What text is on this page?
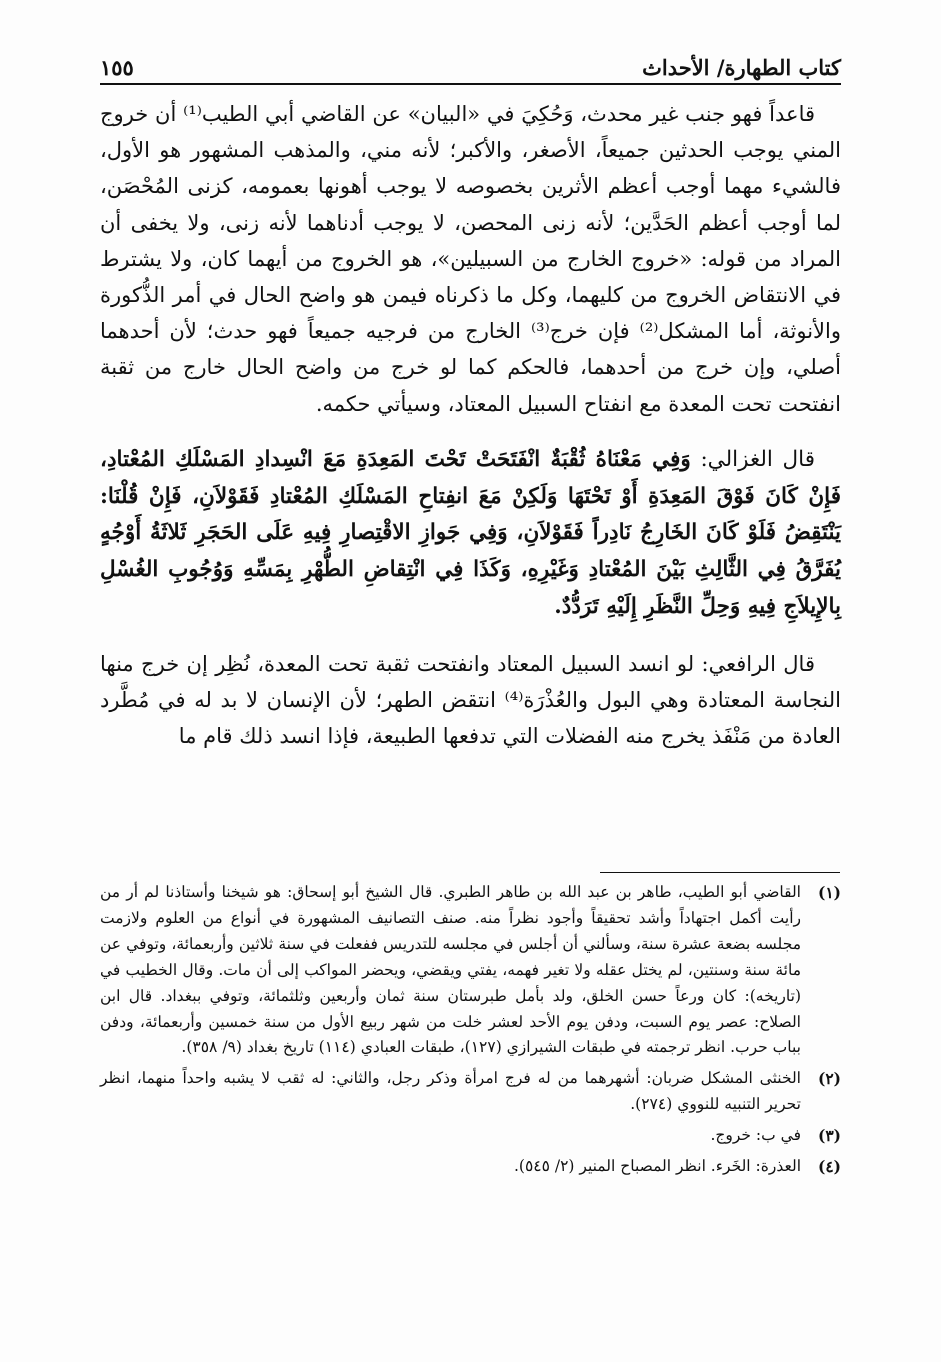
كتاب الطهارة/ الأحداث
١٥٥

قاعداً فهو جنب غير محدث، وَحُكِيَ في «البيان» عن القاضي أبي الطيب⁽¹⁾ أن خروج المني يوجب الحدثين جميعاً، الأصغر، والأكبر؛ لأنه مني، والمذهب المشهور هو الأول، فالشيء مهما أوجب أعظم الأثرين بخصوصه لا يوجب أهونها بعمومه، كزنى المُحْصَن، لما أوجب أعظم الحَدَّين؛ لأنه زنى المحصن، لا يوجب أدناهما لأنه زنى، ولا يخفى أن المراد من قوله: «خروج الخارج من السبيلين»، هو الخروج من أيهما كان، ولا يشترط في الانتقاض الخروج من كليهما، وكل ما ذكرناه فيمن هو واضح الحال في أمر الذُّكورة والأنوثة، أما المشكل⁽²⁾ فإن خرج⁽³⁾ الخارج من فرجيه جميعاً فهو حدث؛ لأن أحدهما أصلي، وإن خرج من أحدهما، فالحكم كما لو خرج من واضح الحال خارج من ثقبة انفتحت تحت المعدة مع انفتاح السبيل المعتاد، وسيأتي حكمه.

قال الغزالي: وَفِي مَعْنَاهُ ثُقْبَةٌ انْفَتَحَتْ تَحْتَ المَعِدَةِ مَعَ انْسِدادِ المَسْلَكِ المُعْتادِ، فَإِنْ كَانَ فَوْقَ المَعِدَةِ أَوْ تَحْتَهَا وَلَكِنْ مَعَ انفِتاحِ المَسْلَكِ المُعْتادِ فَقَوْلاَنِ، فَإِنْ قُلْنَا: يَنْتَقِضُ فَلَوْ كَانَ الخَارِجُ نَادِراً فَقَوْلاَنِ، وَفِي جَوازِ الاقْتِصارِ فِيهِ عَلَى الحَجَرِ ثَلاثَةُ أَوْجُهٍ يُفَرَّقُ فِي الثَّالِثِ بَيْنَ المُعْتادِ وَغَيْرِهِ، وَكَذَا فِي انْتِقاضِ الطُّهْرِ بِمَسِّهِ وَوُجُوبِ الغُسْلِ بِالإِيلاَجِ فِيهِ وَحِلِّ النَّظَرِ إِلَيْهِ تَرَدُّدٌ.

قال الرافعي: لو انسد السبيل المعتاد وانفتحت ثقبة تحت المعدة، نُظِر إن خرج منها النجاسة المعتادة وهي البول والعُذْرَة⁽⁴⁾ انتقض الطهر؛ لأن الإنسان لا بد له في مُطَّرد العادة من مَنْفَذ يخرج منه الفضلات التي تدفعها الطبيعة، فإذا انسد ذلك قام ما

(١)
القاضي أبو الطيب، طاهر بن عبد الله بن طاهر الطبري. قال الشيخ أبو إسحاق: هو شيخنا وأستاذنا لم أر من رأيت أكمل اجتهاداً وأشد تحقيقاً وأجود نظراً منه. صنف التصانيف المشهورة في أنواع من العلوم ولازمت مجلسه بضعة عشرة سنة، وسألني أن أجلس في مجلسه للتدريس ففعلت في سنة ثلاثين وأربعمائة، وتوفي عن مائة سنة وسنتين، لم يختل عقله ولا تغير فهمه، يفتي ويقضي، ويحضر المواكب إلى أن مات. وقال الخطيب في (تاريخه): كان ورعاً حسن الخلق، ولد بأمل طبرستان سنة ثمان وأربعين وثلثمائة، وتوفي ببغداد. قال ابن الصلاح: عصر يوم السبت، ودفن يوم الأحد لعشر خلت من شهر ربيع الأول من سنة خمسين وأربعمائة، ودفن بباب حرب. انظر ترجمته في طبقات الشيرازي (١٢٧)، طبقات العبادي (١١٤) تاريخ بغداد (٩/ ٣٥٨).
(٢)
الخنثى المشكل ضربان: أشهرهما من له فرج امرأة وذكر رجل، والثاني: له ثقب لا يشبه واحداً منهما، انظر تحرير التنبيه للنووي (٢٧٤).
(٣)
في ب: خروج.
(٤)
العذرة: الخَرء. انظر المصباح المنير (٢/ ٥٤٥).
